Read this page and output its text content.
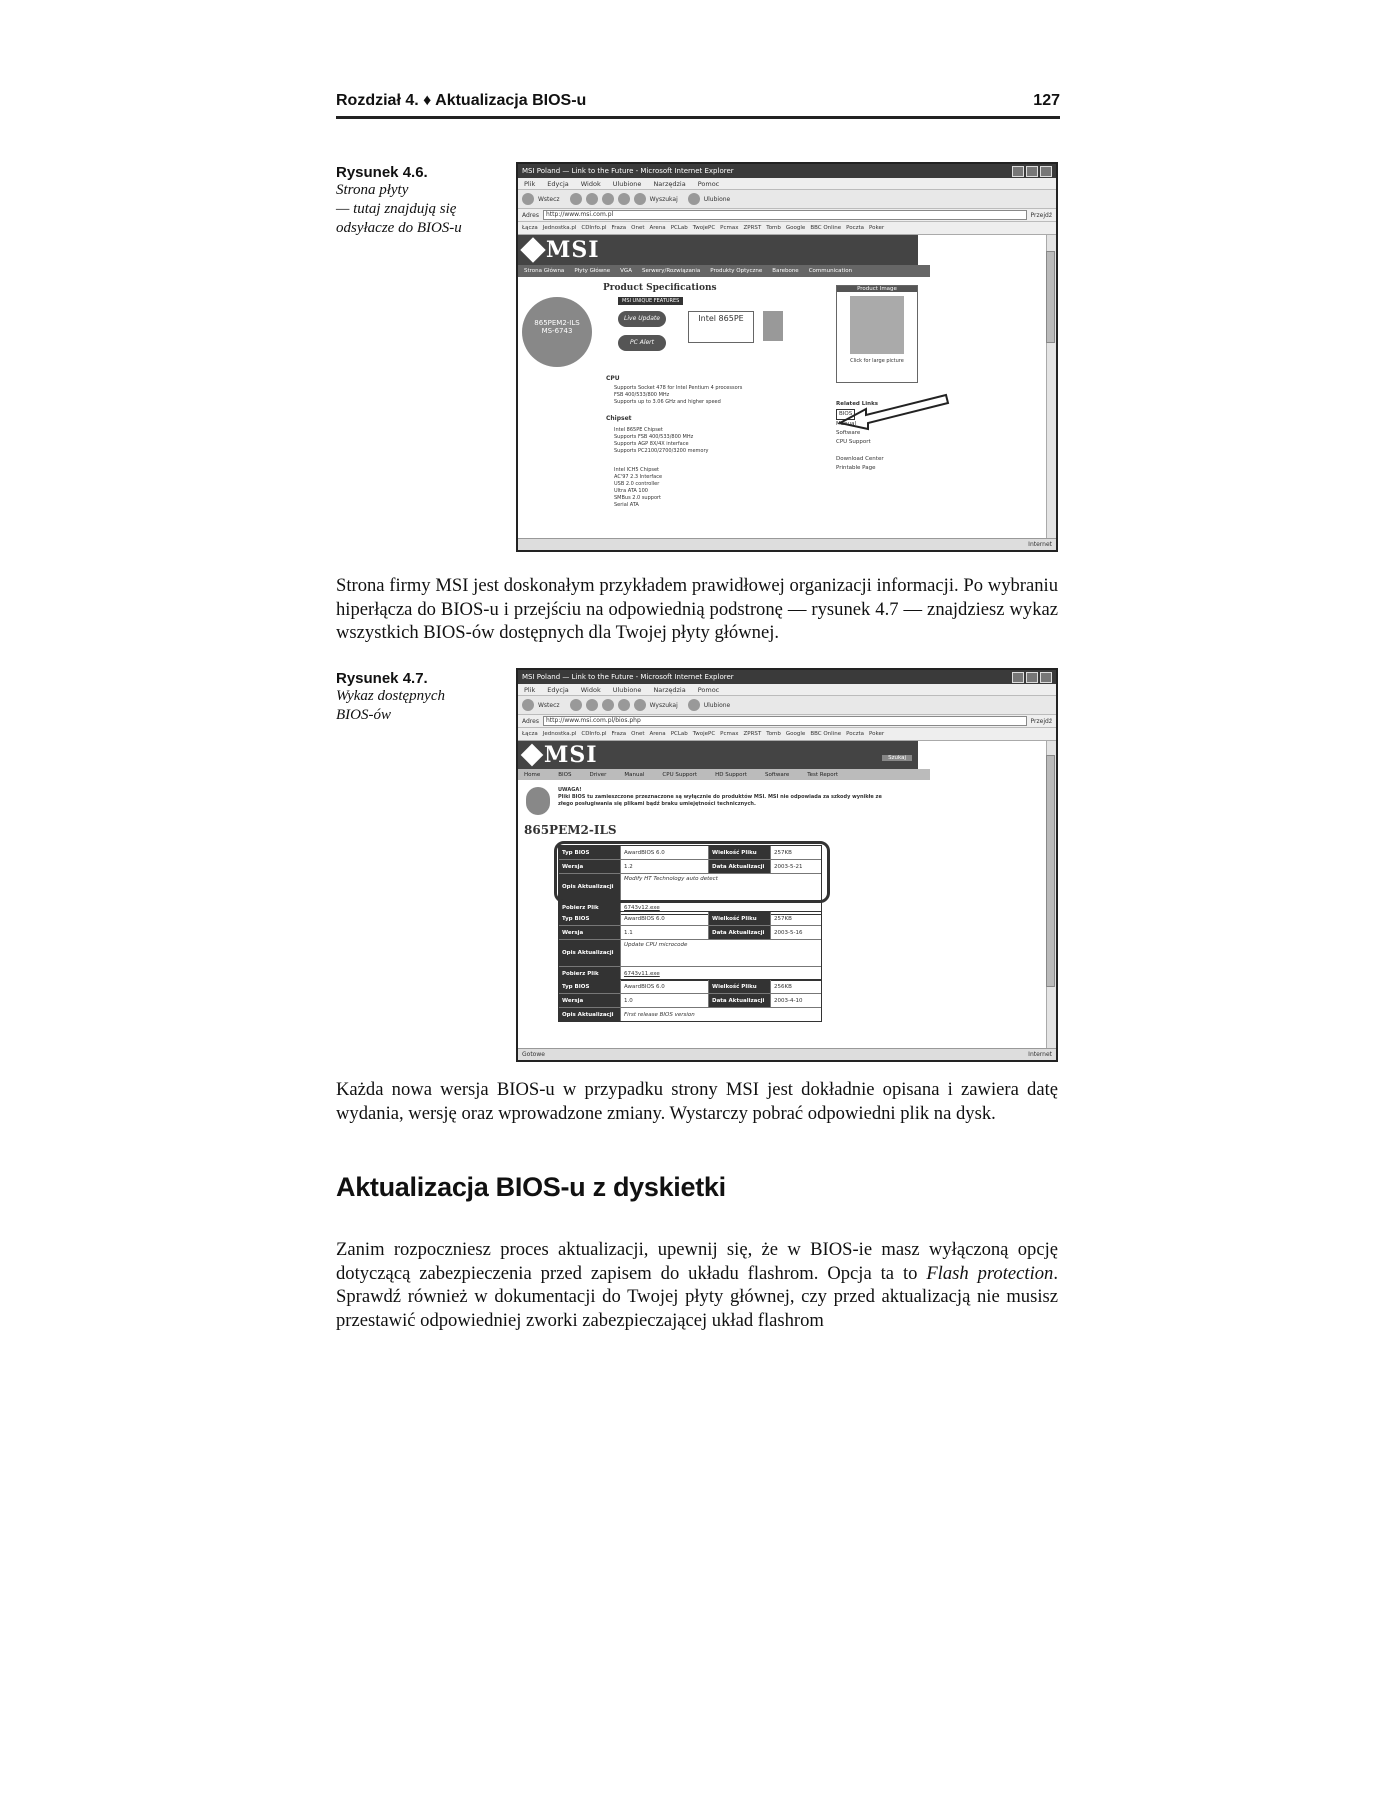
Rozdział 4. ♦ Aktualizacja BIOS-u	127
Rysunek 4.6.
Strona płyty
— tutaj znajdują się
odsyłacze do BIOS-u
MSI Poland — Link to the Future - Microsoft Internet Explorer
Plik Edycja Widok Ulubione Narzędzia Pomoc
Wstecz	Wyszukaj	Ulubione
Adres	http://www.msi.com.pl	Przejdź
Łącza Jednostka.pl CDInfo.pl Fraza Onet Arena PCLab TwojePC Pcmax ZPRST Tomb Google BBC Online Poczta Poker
MSI
Strona Główna Płyty Główne VGA Serwery/Rozwiązania Produkty Optyczne Barebone Communication
865PEM2-ILS
MS-6743
Product Specifications
MSI UNIQUE FEATURES
Live Update
PC Alert
Intel 865PE
CPU
Supports Socket 478 for Intel Pentium 4 processors
FSB 400/533/800 MHz
Supports up to 3.06 GHz and higher speed
Chipset
Intel 865PE Chipset
Supports FSB 400/533/800 MHz
Supports AGP 8X/4X interface
Supports PC2100/2700/3200 memory
Intel ICH5 Chipset
AC'97 2.3 Interface
USB 2.0 controller
Ultra ATA 100
SMBus 2.0 support
Serial ATA
Product Image
Click for large picture
Related Links
BIOS
Manual
Software
CPU Support
Download Center
Printable Page
Internet
Strona firmy MSI jest doskonałym przykładem prawidłowej organizacji informacji. Po wybraniu hiperłącza do BIOS-u i przejściu na odpowiednią podstronę — rysunek 4.7 — znajdziesz wykaz wszystkich BIOS-ów dostępnych dla Twojej płyty głównej.
Rysunek 4.7.
Wykaz dostępnych
BIOS-ów
MSI Poland — Link to the Future - Microsoft Internet Explorer
Plik Edycja Widok Ulubione Narzędzia Pomoc
Wstecz	Wyszukaj	Ulubione
Adres	http://www.msi.com.pl/bios.php	Przejdź
Łącza Jednostka.pl CDInfo.pl Fraza Onet Arena PCLab TwojePC Pcmax ZPRST Tomb Google BBC Online Poczta Poker
MSI	Szukaj
Home	BIOS	Driver	Manual	CPU Support	HD Support	Software	Test Report
UWAGA!
Pliki BIOS tu zamieszczone przeznaczone są wyłącznie do produktów MSI. MSI nie odpowiada za szkody wynikłe ze złego posługiwania się plikami bądź braku umiejętności technicznych.
865PEM2-ILS
Typ BIOS	AwardBIOS 6.0	Wielkość Pliku	257KB
Wersja	1.2	Data Aktualizacji	2003-5-21
Opis Aktualizacji
Modify HT Technology auto detect
Pobierz Plik	6743v12.exe
Typ BIOS	AwardBIOS 6.0	Wielkość Pliku	257KB
Wersja	1.1	Data Aktualizacji	2003-5-16
Opis Aktualizacji
Update CPU microcode
Pobierz Plik	6743v11.exe
Typ BIOS	AwardBIOS 6.0	Wielkość Pliku	256KB
Wersja	1.0	Data Aktualizacji	2003-4-10
Opis Aktualizacji	First release BIOS version
Gotowe	Internet
Każda nowa wersja BIOS-u w przypadku strony MSI jest dokładnie opisana i zawiera datę wydania, wersję oraz wprowadzone zmiany. Wystarczy pobrać odpowiedni plik na dysk.
Aktualizacja BIOS-u z dyskietki
Zanim rozpoczniesz proces aktualizacji, upewnij się, że w BIOS-ie masz wyłączoną opcję dotyczącą zabezpieczenia przed zapisem do układu flashrom. Opcja ta to Flash protection. Sprawdź również w dokumentacji do Twojej płyty głównej, czy przed aktualizacją nie musisz przestawić odpowiedniej zworki zabezpieczającej układ flashrom
